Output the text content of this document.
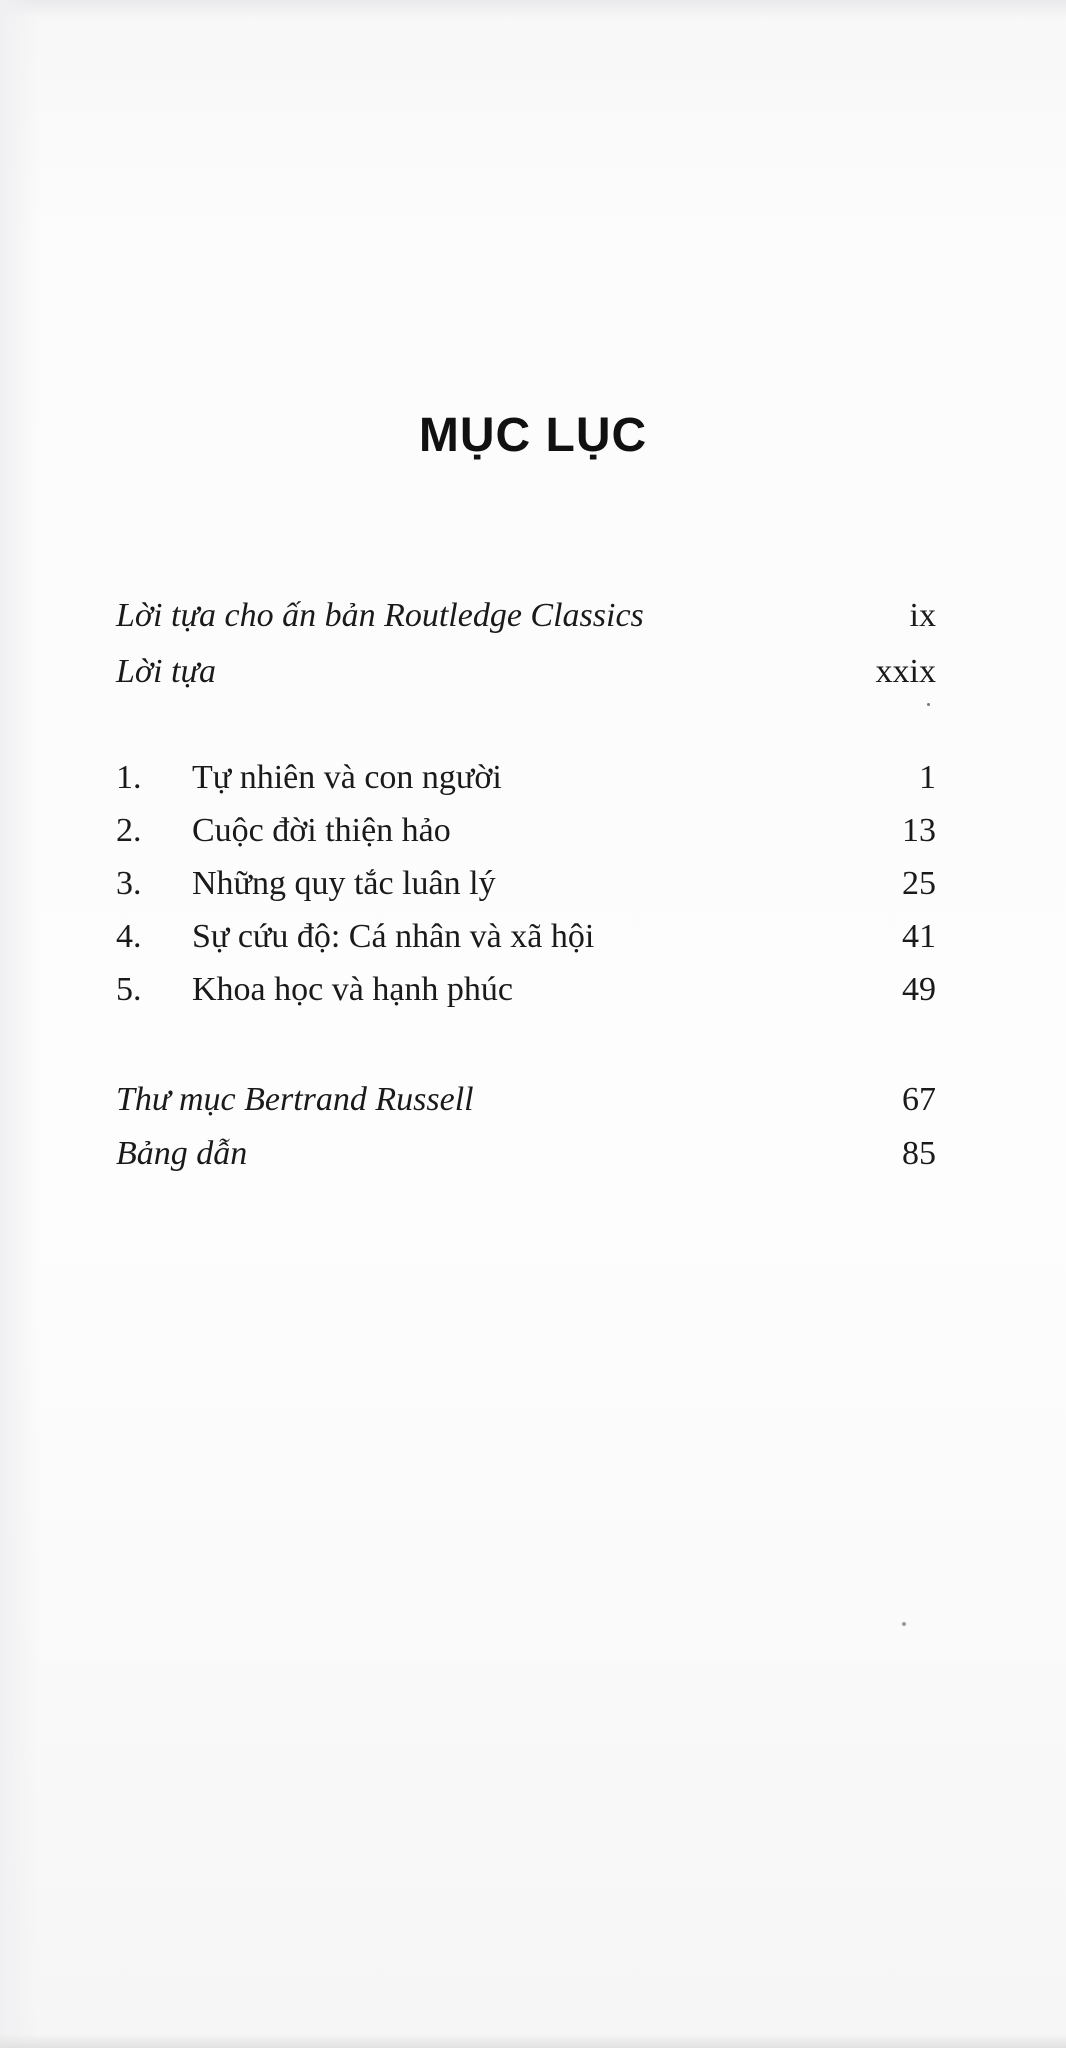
MỤC LỤC
Lời tựa cho ấn bản Routledge Classics	ix
Lời tựa	xxix
1.	Tự nhiên và con người	1
2.	Cuộc đời thiện hảo	13
3.	Những quy tắc luân lý	25
4.	Sự cứu độ: Cá nhân và xã hội	41
5.	Khoa học và hạnh phúc	49
Thư mục Bertrand Russell	67
Bảng dẫn	85
